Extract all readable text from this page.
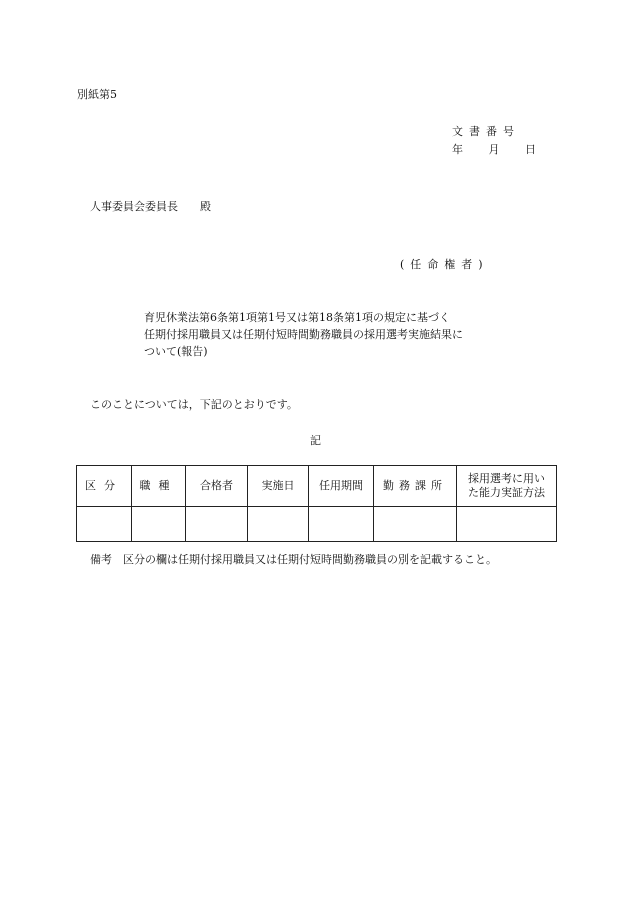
別紙第5
文書番号
年 月 日
人事委員会委員長　　殿
(任命権者)
育児休業法第6条第1項第1号又は第18条第1項の規定に基づく
任期付採用職員又は任期付短時間勤務職員の採用選考実施結果に
ついて(報告)
このことについては，下記のとおりです。
記
区分	職種	合格者	実施日	任用期間	勤務課所	採用選考に用い
た能力実証方法

備考　区分の欄は任期付採用職員又は任期付短時間勤務職員の別を記載すること。
